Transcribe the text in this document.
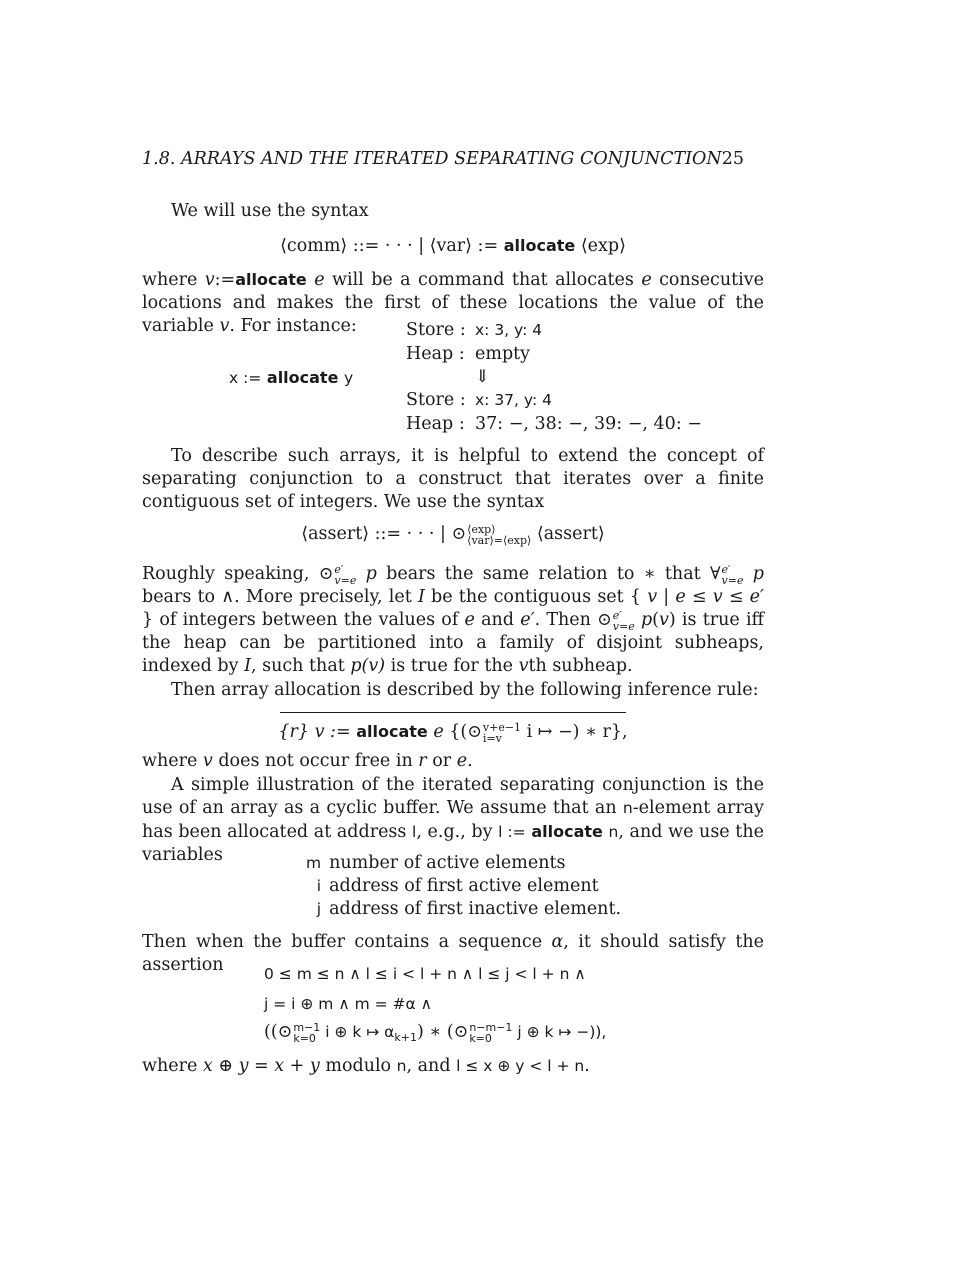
1.8. ARRAYS AND THE ITERATED SEPARATING CONJUNCTION25
We will use the syntax
⟨comm⟩ ::= · · · | ⟨var⟩ := allocate ⟨exp⟩
where v:=allocate e will be a command that allocates e consecutive locations and makes the first of these locations the value of the variable v. For instance:
x := allocate y
Store : x: 3, y: 4
Heap : empty
⇓
Store : x: 37, y: 4
Heap : 37: −, 38: −, 39: −, 40: −
To describe such arrays, it is helpful to extend the concept of separating conjunction to a construct that iterates over a finite contiguous set of integers. We use the syntax
⟨assert⟩ ::= · · · | ⊙ ⟨exp⟩
⟨var⟩=⟨exp⟩ ⟨assert⟩
Roughly speaking, ⊙ e′
v=e p bears the same relation to ∗ that ∀ e′
v=e p bears to ∧. More precisely, let I be the contiguous set { v | e ≤ v ≤ e′ } of integers between the values of e and e′. Then ⊙ e′
v=e p(v) is true iff the heap can be partitioned into a family of disjoint subheaps, indexed by I, such that p(v) is true for the vth subheap.
Then array allocation is described by the following inference rule:
{r} v := allocate e {(⊙ v+e−1
i=v	i ↦ −) ∗ r},
where v does not occur free in r or e.
A simple illustration of the iterated separating conjunction is the use of an array as a cyclic buffer. We assume that an n-element array has been allocated at address l, e.g., by l := allocate n, and we use the variables	m	number of active elements
i	address of first active element
j	address of first inactive element.
Then when the buffer contains a sequence α, it should satisfy the assertion	0 ≤ m ≤ n ∧ l ≤ i < l + n ∧ l ≤ j < l + n ∧
j = i ⊕ m ∧ m = #α ∧
((⊙ m−1
k=0 i ⊕ k ↦ $\alpha_{k+1}$) ∗ (⊙ n−m−1
k=0	j ⊕ k ↦ −)),
where x ⊕ y = x + y modulo n, and l ≤ x ⊕ y < l + n.
